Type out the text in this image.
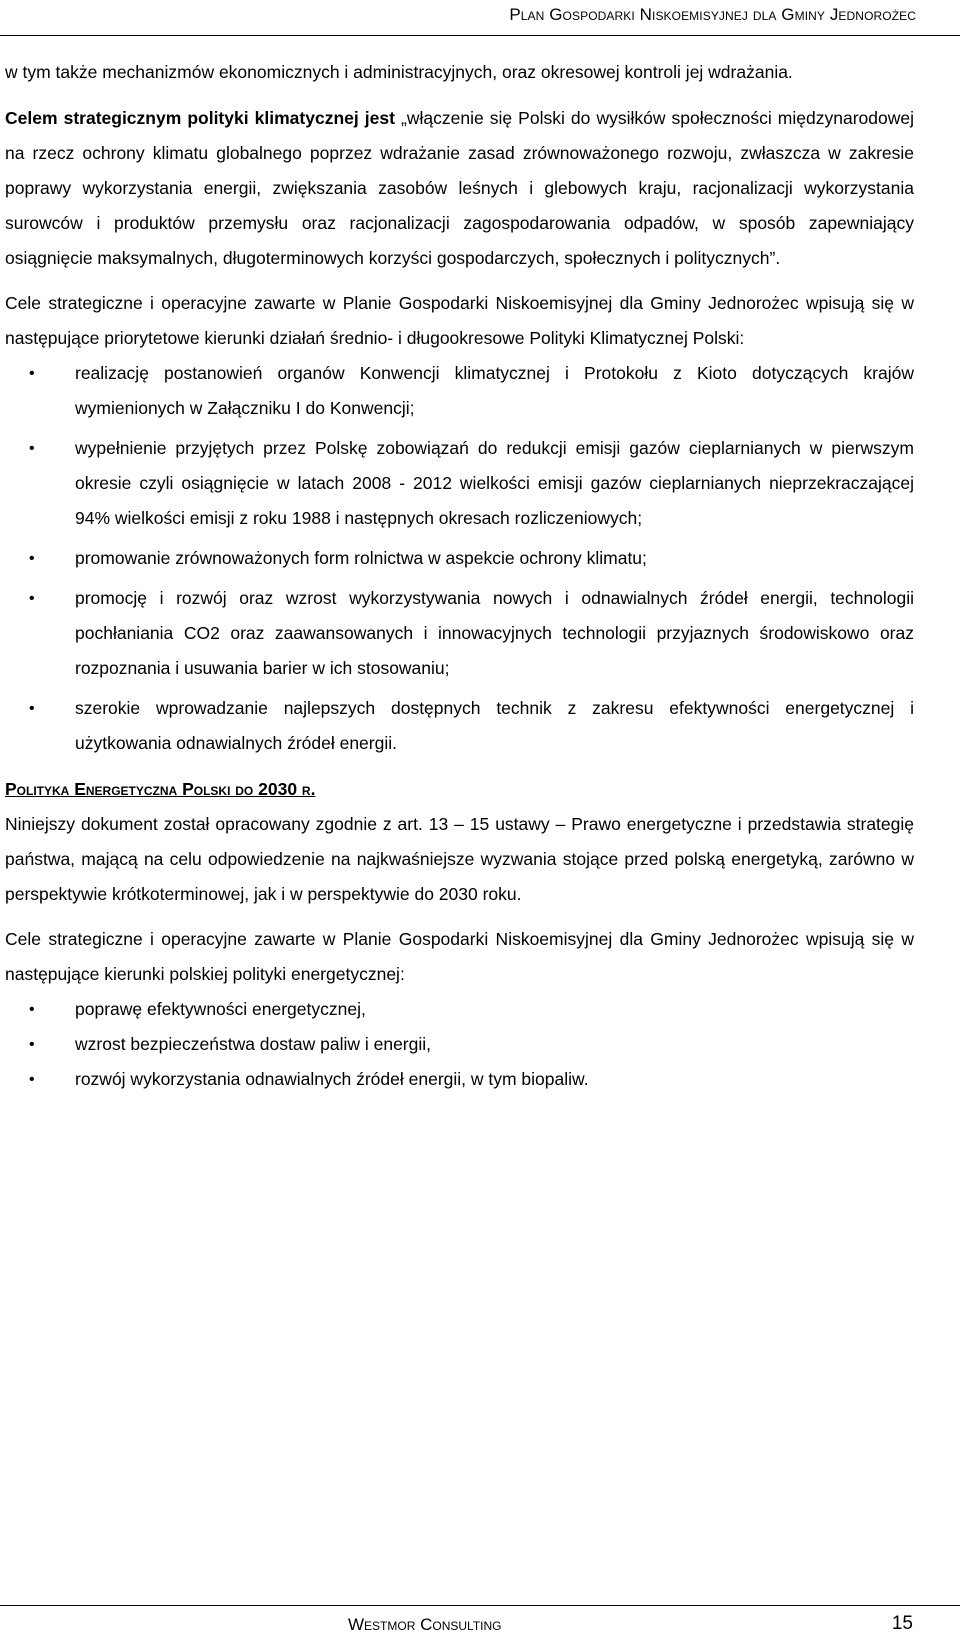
Plan Gospodarki Niskoemisyjnej dla Gminy Jednorożec

w tym także mechanizmów ekonomicznych i administracyjnych, oraz okresowej kontroli jej wdrażania.

Celem strategicznym polityki klimatycznej jest „włączenie się Polski do wysiłków społeczności międzynarodowej na rzecz ochrony klimatu globalnego poprzez wdrażanie zasad zrównoważonego rozwoju, zwłaszcza w zakresie poprawy wykorzystania energii, zwiększania zasobów leśnych i glebowych kraju, racjonalizacji wykorzystania surowców i produktów przemysłu oraz racjonalizacji zagospodarowania odpadów, w sposób zapewniający osiągnięcie maksymalnych, długoterminowych korzyści gospodarczych, społecznych i politycznych”.

Cele strategiczne i operacyjne zawarte w Planie Gospodarki Niskoemisyjnej dla Gminy Jednorożec wpisują się w następujące priorytetowe kierunki działań średnio- i długookresowe Polityki Klimatycznej Polski:

• realizację postanowień organów Konwencji klimatycznej i Protokołu z Kioto dotyczących krajów wymienionych w Załączniku I do Konwencji;
• wypełnienie przyjętych przez Polskę zobowiązań do redukcji emisji gazów cieplarnianych w pierwszym okresie czyli osiągnięcie w latach 2008 - 2012 wielkości emisji gazów cieplarnianych nieprzekraczającej 94% wielkości emisji z roku 1988 i następnych okresach rozliczeniowych;
• promowanie zrównoważonych form rolnictwa w aspekcie ochrony klimatu;
• promocję i rozwój oraz wzrost wykorzystywania nowych i odnawialnych źródeł energii, technologii pochłaniania CO2 oraz zaawansowanych i innowacyjnych technologii przyjaznych środowiskowo oraz rozpoznania i usuwania barier w ich stosowaniu;
• szerokie wprowadzanie najlepszych dostępnych technik z zakresu efektywności energetycznej i użytkowania odnawialnych źródeł energii.
Polityka Energetyczna Polski do 2030 r.

Niniejszy dokument został opracowany zgodnie z art. 13 – 15 ustawy – Prawo energetyczne i przedstawia strategię państwa, mającą na celu odpowiedzenie na najkwaśniejsze wyzwania stojące przed polską energetyką, zarówno w perspektywie krótkoterminowej, jak i w perspektywie do 2030 roku.

Cele strategiczne i operacyjne zawarte w Planie Gospodarki Niskoemisyjnej dla Gminy Jednorożec wpisują się w następujące kierunki polskiej polityki energetycznej:

• poprawę efektywności energetycznej,
• wzrost bezpieczeństwa dostaw paliw i energii,
• rozwój wykorzystania odnawialnych źródeł energii, w tym biopaliw.
Westmor Consulting	15
